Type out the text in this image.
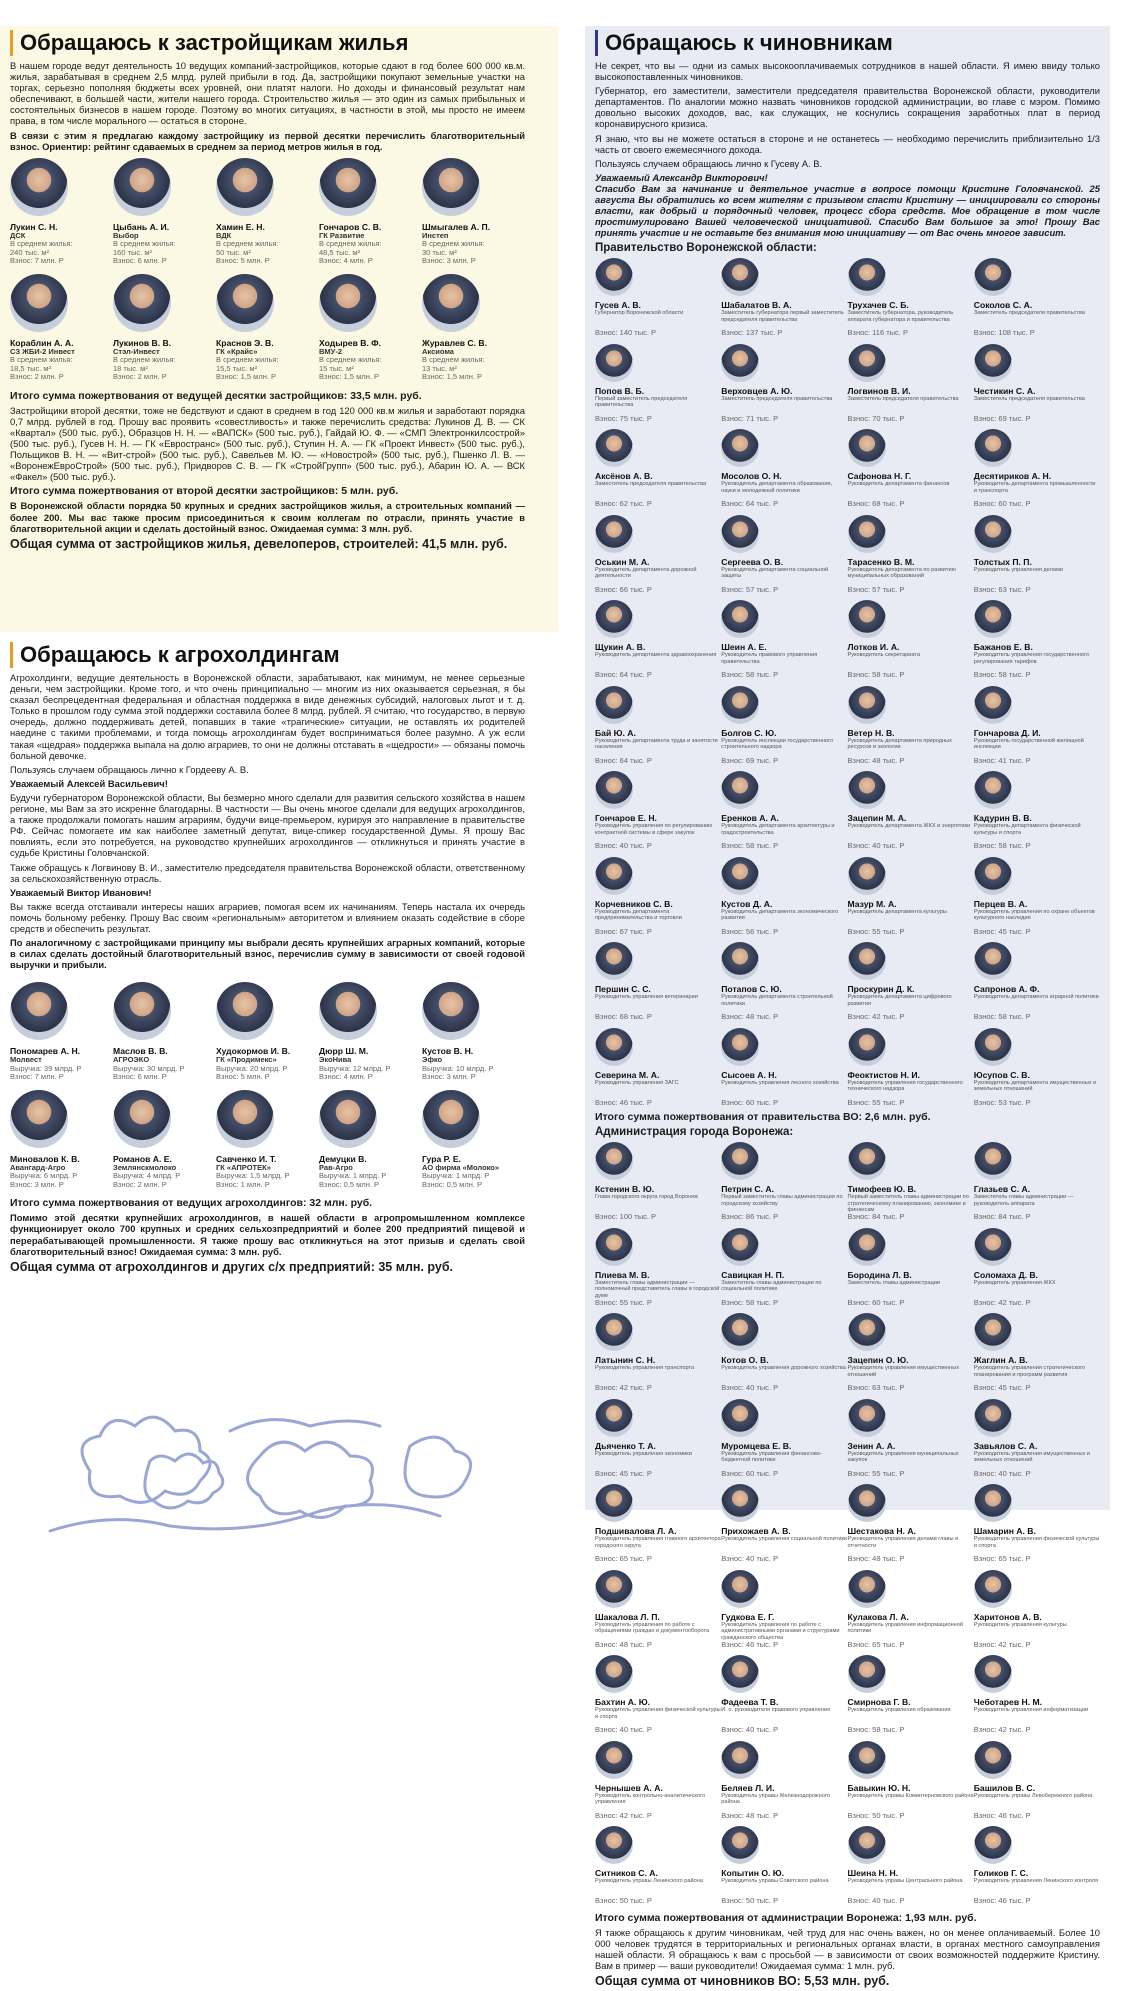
Обращаюсь к застройщикам жилья
В нашем городе ведут деятельность 10 ведущих компаний-застройщиков, которые сдают в год более 600 000 кв.м. жилья, зарабатывая в среднем 2,5 млрд. рулей прибыли в год. Да, застройщики покупают земельные участки на торгах, серьезно пополняя бюджеты всех уровней, они платят налоги. Но доходы и финансовый результат нам обеспечивают, в большей части, жители нашего города. Строительство жилья — это один из самых прибыльных и состоятельных бизнесов в нашем городе. Поэтому во многих ситуациях, в частности в этой, мы просто не имеем права, в том числе морального — остаться в стороне.
В связи с этим я предлагаю каждому застройщику из первой десятки перечислить благотворительный взнос. Ориентир: рейтинг сдаваемых в среднем за период метров жилья в год.
Лукин С. Н.
ДСК
В среднем жилья:
240 тыс. м²
Взнос: 7 млн. Р
Цыбань А. И.
Выбор
В среднем жилья:
160 тыс. м²
Взнос: 6 млн. Р
Хамин Е. Н.
ВДК
В среднем жилья:
50 тыс. м²
Взнос: 5 млн. Р
Гончаров С. В.
ГК Развитие
В среднем жилья:
48,5 тыс. м²
Взнос: 4 млн. Р
Шмыгалев А. П.
Инстеп
В среднем жилья:
30 тыс. м²
Взнос: 3 млн. Р
Кораблин А. А.
СЗ ЖБИ-2 Инвест
В среднем жилья:
18,5 тыс. м²
Взнос: 2 млн. Р
Лукинов В. В.
Стэл-Инвест
В среднем жилья:
18 тыс. м²
Взнос: 2 млн. Р
Краснов Э. В.
ГК «Крайс»
В среднем жилья:
15,5 тыс. м²
Взнос: 1,5 млн. Р
Ходырев В. Ф.
ВМУ-2
В среднем жилья:
15 тыс. м²
Взнос: 1,5 млн. Р
Журавлев С. В.
Аксиома
В среднем жилья:
13 тыс. м²
Взнос: 1,5 млн. Р
Итого сумма пожертвования от ведущей десятки застройщиков: 33,5 млн. руб.
Застройщики второй десятки, тоже не бедствуют и сдают в среднем в год 120 000 кв.м жилья и заработают порядка 0,7 млрд. рублей в год. Прошу вас проявить «совестливость» и также перечислить средства: Лукинов Д. В. — СК «Квартал» (500 тыс. руб.), Образцов Н. Н. — «ВАПСК» (500 тыс. руб.), Гайдай Ю. Ф. — «СМП Электронкилсострой» (500 тыс. руб.), Гусев Н. Н. — ГК «Евространс» (500 тыс. руб.), Ступин Н. А. — ГК «Проект Инвест» (500 тыс. руб.), Польщиков В. Н. — «Вит-строй» (500 тыс. руб.), Савельев М. Ю. — «Новострой» (500 тыс. руб.), Пшенко Л. В. — «ВоронежЕвроСтрой» (500 тыс. руб.), Придворов С. В. — ГК «СтройГрупп» (500 тыс. руб.), Абарин Ю. А. — ВСК «Факел» (500 тыс. руб.).
Итого сумма пожертвования от второй десятки застройщиков: 5 млн. руб.
В Воронежской области порядка 50 крупных и средних застройщиков жилья, а строительных компаний — более 200. Мы вас также просим присоединиться к своим коллегам по отрасли, принять участие в благотворительной акции и сделать достойный взнос. Ожидаемая сумма: 3 млн. руб.
Общая сумма от застройщиков жилья, девелоперов, строителей: 41,5 млн. руб.
Обращаюсь к агрохолдингам
Агрохолдинги, ведущие деятельность в Воронежской области, зарабатывают, как минимум, не менее серьезные деньги, чем застройщики. Кроме того, и что очень принципиально — многим из них оказывается серьезная, я бы сказал беспрецедентная федеральная и областная поддержка в виде денежных субсидий, налоговых льгот и т. д. Только в прошлом году сумма этой поддержки составила более 8 млрд. рублей. Я считаю, что государство, в первую очередь, должно поддерживать детей, попавших в такие «трагические» ситуации, не оставлять их родителей наедине с такими проблемами, и тогда помощь агрохолдингам будет восприниматься более разумно. А уж если такая «щедрая» поддержка выпала на долю аграриев, то они не должны отставать в «щедрости» — обязаны помочь больной девочке.
Пользуясь случаем обращаюсь лично к Гордееву А. В.
Уважаемый Алексей Васильевич!
Будучи губернатором Воронежской области, Вы безмерно много сделали для развития сельского хозяйства в нашем регионе, мы Вам за это искренне благодарны. В частности — Вы очень многое сделали для ведущих агрохолдингов, а также продолжали помогать нашим аграриям, будучи вице-премьером, курируя это направление в правительстве РФ. Сейчас помогаете им как наиболее заметный депутат, вице-спикер государственной Думы. Я прошу Вас повлиять, если это потребуется, на руководство крупнейших агрохолдингов — откликнуться и принять участие в судьбе Кристины Головчанской.
Также обращусь к Логвинову В. И., заместителю председателя правительства Воронежской области, ответственному за сельскохозяйственную отрасль.
Уважаемый Виктор Иванович!
Вы также всегда отстаивали интересы наших аграриев, помогая всем их начинаниям. Теперь настала их очередь помочь больному ребенку. Прошу Вас своим «региональным» авторитетом и влиянием оказать содействие в сборе средств и обеспечить результат.
По аналогичному с застройщиками принципу мы выбрали десять крупнейших аграрных компаний, которые в силах сделать достойный благотворительный взнос, перечислив сумму в зависимости от своей годовой выручки и прибыли.
Пономарев А. Н.
Молвест
Выручка: 39 млрд. Р
Взнос: 7 млн. Р
Маслов В. В.
АГРОЭКО
Выручка: 30 млрд. Р
Взнос: 6 млн. Р
Худокормов И. В.
ГК «Продимекс»
Выручка: 20 млрд. Р
Взнос: 5 млн. Р
Дюрр Ш. М.
ЭкоНива
Выручка: 12 млрд. Р
Взнос: 4 млн. Р
Кустов В. Н.
Эфко
Выручка: 10 млрд. Р
Взнос: 3 млн. Р
Миновалов К. В.
Авангард-Агро
Выручка: 6 млрд. Р
Взнос: 3 млн. Р
Романов А. Е.
Землянскмолоко
Выручка: 4 млрд. Р
Взнос: 2 млн. Р
Савченко И. Т.
ГК «АПРОТЕК»
Выручка: 1,5 млрд. Р
Взнос: 1 млн. Р
Демуцки В.
Рав-Агро
Выручка: 1 млрд. Р
Взнос: 0,5 млн. Р
Гура Р. Е.
АО фирма «Молоко»
Выручка: 1 млрд. Р
Взнос: 0,5 млн. Р
Итого сумма пожертвования от ведущих агрохолдингов: 32 млн. руб.
Помимо этой десятки крупнейших агрохолдингов, в нашей области в агропромышленном комплексе функционирует около 700 крупных и средних сельхозпредприятий и более 200 предприятий пищевой и перерабатывающей промышленности. Я также прошу вас откликнуться на этот призыв и сделать свой благотворительный взнос! Ожидаемая сумма: 3 млн. руб.
Общая сумма от агрохолдингов и других с/х предприятий: 35 млн. руб.
Обращаюсь к чиновникам
Не секрет, что вы — одни из самых высокооплачиваемых сотрудников в нашей области. Я имею ввиду только высокопоставленных чиновников.
Губернатор, его заместители, заместители председателя правительства Воронежской области, руководители департаментов. По аналогии можно назвать чиновников городской администрации, во главе с мэром. Помимо довольно высоких доходов, вас, как служащих, не коснулись сокращения заработных плат в период коронавирусного кризиса.
Я знаю, что вы не можете остаться в стороне и не останетесь — необходимо перечислить приблизительно 1/3 часть от своего ежемесячного дохода.
Пользуясь случаем обращаюсь лично к Гусеву А. В.
Уважаемый Александр Викторович!
Спасибо Вам за начинание и деятельное участие в вопросе помощи Кристине Головчанской. 25 августа Вы обратились ко всем жителям с призывом спасти Кристину — инициировали со стороны власти, как добрый и порядочный человек, процесс сбора средств. Мое обращение в том числе простимулировано Вашей человеческой инициативой. Спасибо Вам большое за это! Прошу Вас принять участие и не оставьте без внимания мою инициативу — от Вас очень многое зависит.
Правительство Воронежской области:
Гусев А. В.
Губернатор Воронежской области
Взнос: 140 тыс. Р
Шабалатов В. А.
Заместитель губернатора первый заместитель председателя правительства
Взнос: 137 тыс. Р
Трухачев С. Б.
Заместитель губернатора, руководитель аппарата губернатора и правительства
Взнос: 116 тыс. Р
Соколов С. А.
Заместитель председателя правительства
Взнос: 108 тыс. Р
Попов В. Б.
Первый заместитель председателя правительства
Взнос: 75 тыс. Р
Верховцев А. Ю.
Заместитель председателя правительства
Взнос: 71 тыс. Р
Логвинов В. И.
Заместитель председателя правительства
Взнос: 70 тыс. Р
Честикин С. А.
Заместитель председателя правительства
Взнос: 69 тыс. Р
Аксёнов А. В.
Заместитель председателя правительства
Взнос: 62 тыс. Р
Мосолов О. Н.
Руководитель департамента образования, науки и молодежной политики
Взнос: 64 тыс. Р
Сафонова Н. Г.
Руководитель департамента финансов
Взнос: 68 тыс. Р
Десятириков А. Н.
Руководитель департамента промышленности и транспорта
Взнос: 60 тыс. Р
Оськин М. А.
Руководитель департамента дорожной деятельности
Взнос: 66 тыс. Р
Сергеева О. В.
Руководитель департамента социальной защиты
Взнос: 57 тыс. Р
Тарасенко В. М.
Руководитель департамента по развитию муниципальных образований
Взнос: 57 тыс. Р
Толстых П. П.
Руководитель управления делами
Взнос: 63 тыс. Р
Щукин А. В.
Руководитель департамента здравоохранения
Взнос: 64 тыс. Р
Шеин А. Е.
Руководитель правового управления правительства
Взнос: 58 тыс. Р
Лотков И. А.
Руководитель секретариата
Взнос: 58 тыс. Р
Бажанов Е. В.
Руководитель управления государственного регулирования тарифов
Взнос: 58 тыс. Р
Бай Ю. А.
Руководитель департамента труда и занятости населения
Взнос: 64 тыс. Р
Болгов С. Ю.
Руководитель инспекции государственного строительного надзора
Взнос: 69 тыс. Р
Ветер Н. В.
Руководитель департамента природных ресурсов и экологии
Взнос: 48 тыс. Р
Гончарова Д. И.
Руководитель государственной жилищной инспекции
Взнос: 41 тыс. Р
Гончаров Е. Н.
Руководитель управления по регулированию контрактной системы в сфере закупок
Взнос: 40 тыс. Р
Еренков А. А.
Руководитель департамента архитектуры и градостроительства
Взнос: 58 тыс. Р
Зацепин М. А.
Руководитель департамента ЖКХ и энергетики
Взнос: 40 тыс. Р
Кадурин В. В.
Руководитель департамента физической культуры и спорта
Взнос: 58 тыс. Р
Корчевников С. В.
Руководитель департамента предпринимательства и торговли
Взнос: 67 тыс. Р
Кустов Д. А.
Руководитель департамента экономического развития
Взнос: 56 тыс. Р
Мазур М. А.
Руководитель департамента культуры
Взнос: 55 тыс. Р
Перцев В. А.
Руководитель управления по охране объектов культурного наследия
Взнос: 45 тыс. Р
Першин С. С.
Руководитель управления ветеринарии
Взнос: 68 тыс. Р
Потапов С. Ю.
Руководитель департамента строительной политики
Взнос: 48 тыс. Р
Проскурин Д. К.
Руководитель департамента цифрового развития
Взнос: 42 тыс. Р
Сапронов А. Ф.
Руководитель департамента аграрной политики
Взнос: 58 тыс. Р
Северина М. А.
Руководитель управления ЗАГС
Взнос: 46 тыс. Р
Сысоев А. Н.
Руководитель управления лесного хозяйства
Взнос: 60 тыс. Р
Феоктистов Н. И.
Руководитель управления государственного технического надзора
Взнос: 55 тыс. Р
Юсупов С. В.
Руководитель департамента имущественных и земельных отношений
Взнос: 53 тыс. Р
Итого сумма пожертвования от правительства ВО: 2,6 млн. руб.
Администрация города Воронежа:
Кстенин В. Ю.
Глава городского округа город Воронеж
Взнос: 100 тыс. Р
Петрин С. А.
Первый заместитель главы администрации по городскому хозяйству
Взнос: 86 тыс. Р
Тимофеев Ю. В.
Первый заместитель главы администрации по стратегическому планированию, экономике и финансам
Взнос: 84 тыс. Р
Глазьев С. А.
Заместитель главы администрации — руководитель аппарата
Взнос: 84 тыс. Р
Плиева М. В.
Заместитель главы администрации — полномочный представитель главы в городской думе
Взнос: 55 тыс. Р
Савицкая Н. П.
Заместитель главы администрации по социальной политике
Взнос: 58 тыс. Р
Бородина Л. В.
Заместитель главы администрации
Взнос: 60 тыс. Р
Соломаха Д. В.
Руководитель управления ЖКХ
Взнос: 42 тыс. Р
Латынин С. Н.
Руководитель управления транспорта
Взнос: 42 тыс. Р
Котов О. В.
Руководитель управления дорожного хозяйства
Взнос: 40 тыс. Р
Зацепин О. Ю.
Руководитель управления имущественных отношений
Взнос: 63 тыс. Р
Жаглин А. В.
Руководитель управления стратегического планирования и программ развития
Взнос: 45 тыс. Р
Дьяченко Т. А.
Руководитель управления экономики
Взнос: 45 тыс. Р
Муромцева Е. В.
Руководитель управления финансово-бюджетной политики
Взнос: 60 тыс. Р
Зенин А. А.
Руководитель управления муниципальных закупок
Взнос: 55 тыс. Р
Завьялов С. А.
Руководитель управления имущественных и земельных отношений
Взнос: 40 тыс. Р
Подшивалова Л. А.
Руководитель управления главного архитектора городского округа
Взнос: 65 тыс. Р
Прихожаев А. В.
Руководитель управления социальной политики
Взнос: 40 тыс. Р
Шестакова Н. А.
Руководитель управления делами главы и отчетности
Взнос: 48 тыс. Р
Шамарин А. В.
Руководитель управления физической культуры и спорта
Взнос: 65 тыс. Р
Шакалова Л. П.
Руководитель управления по работе с обращениями граждан и документооборота
Взнос: 48 тыс. Р
Гудкова Е. Г.
Руководитель управления по работе с административными органами и структурами гражданского общества
Взнос: 46 тыс. Р
Кулакова Л. А.
Руководитель управления информационной политики
Взнос: 65 тыс. Р
Харитонов А. В.
Руководитель управления культуры
Взнос: 42 тыс. Р
Бахтин А. Ю.
Руководитель управления физической культуры и спорта
Взнос: 40 тыс. Р
Фадеева Т. В.
И. о. руководителя правового управления
Взнос: 40 тыс. Р
Смирнова Г. В.
Руководитель управления образования
Взнос: 58 тыс. Р
Чеботарев Н. М.
Руководитель управления информатизации
Взнос: 42 тыс. Р
Чернышев А. А.
Руководитель контрольно-аналитического управления
Взнос: 42 тыс. Р
Беляев Л. И.
Руководитель управы Железнодорожного района
Взнос: 48 тыс. Р
Бавыкин Ю. Н.
Руководитель управы Коминтерновского района
Взнос: 50 тыс. Р
Башилов В. С.
Руководитель управы Левобережного района
Взнос: 46 тыс. Р
Ситников С. А.
Руководитель управы Ленинского района
Взнос: 50 тыс. Р
Копытин О. Ю.
Руководитель управы Советского района
Взнос: 50 тыс. Р
Шеина Н. Н.
Руководитель управы Центрального района
Взнос: 40 тыс. Р
Голиков Г. С.
Руководитель управления Ленинского контроля
Взнос: 46 тыс. Р
Итого сумма пожертвования от администрации Воронежа: 1,93 млн. руб.
Я также обращаюсь к другим чиновникам, чей труд для нас очень важен, но он менее оплачиваемый. Более 10 000 человек трудятся в территориальных и региональных органах власти, в органах местного самоуправления нашей области. Я обращаюсь к вам с просьбой — в зависимости от своих возможностей поддержите Кристину. Вам в пример — ваши руководители! Ожидаемая сумма: 1 млн. руб.
Общая сумма от чиновников ВО: 5,53 млн. руб.
